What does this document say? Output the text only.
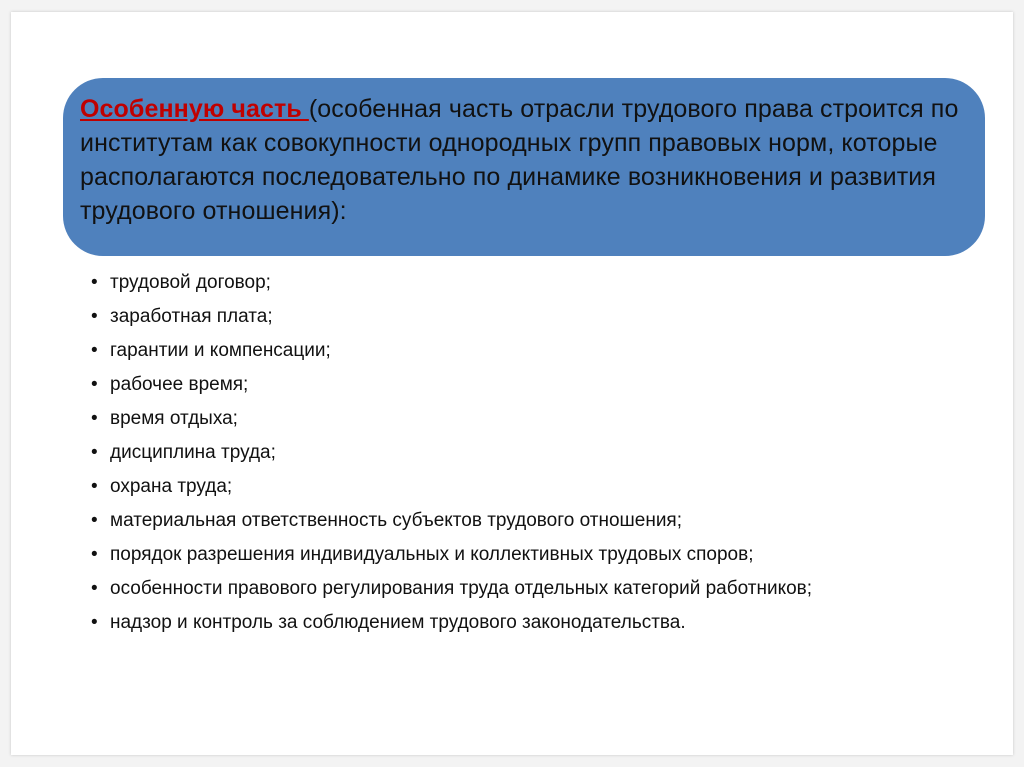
Особенную часть (особенная часть отрасли трудового права строится по институтам как совокупности однородных групп правовых норм, которые располагаются последовательно по динамике возникновения и развития трудового отношения):
• трудовой договор;
• заработная плата;
• гарантии и компенсации;
• рабочее время;
• время отдыха;
• дисциплина труда;
• охрана труда;
• материальная ответственность субъектов трудового отношения;
• порядок разрешения индивидуальных и коллективных трудовых споров;
• особенности правового регулирования труда отдельных категорий работников;
• надзор и контроль за соблюдением трудового законодательства.
